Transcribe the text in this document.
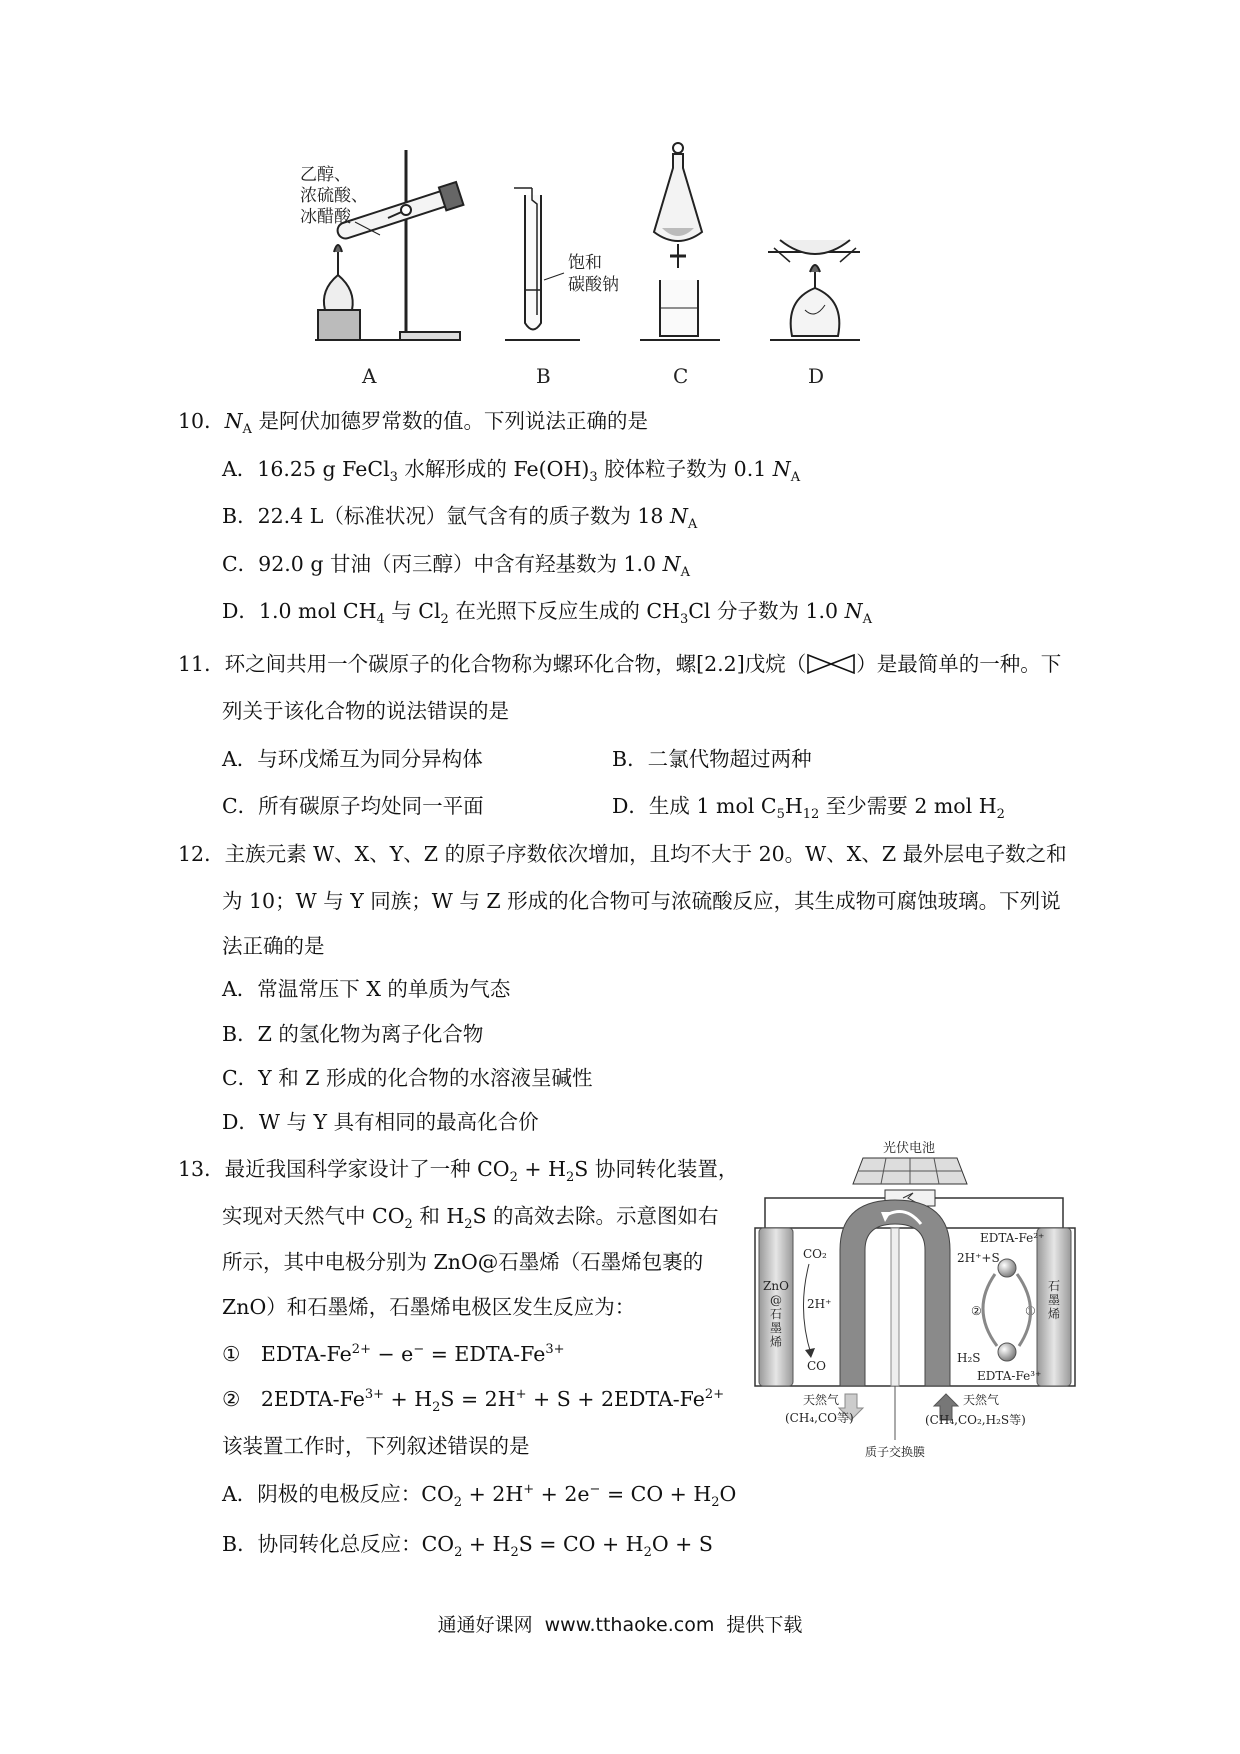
乙醇、
浓硫酸、
冰醋酸
饱和
碳酸钠
A	B	C	D
10．$N_A$ 是阿伏加德罗常数的值。下列说法正确的是
A．16.25 g FeCl$_3$ 水解形成的 $Fe(OH)_3$ 胶体粒子数为 0.1 $N_A$
B．22.4 L（标准状况）氩气含有的质子数为 18 $N_A$
C．92.0 g 甘油（丙三醇）中含有羟基数为 1.0 $N_A$
D．1.0 mol $CH_4$ 与 $Cl_2$ 在光照下反应生成的 $CH_3Cl$ 分子数为 1.0 $N_A$
11．环之间共用一个碳原子的化合物称为螺环化合物，螺[2.2]戊烷（ ）是最简单的一种。下
列关于该化合物的说法错误的是
A．与环戊烯互为同分异构体	B．二氯代物超过两种
C．所有碳原子均处同一平面	D．生成 1 mol $C_5H_{12}$ 至少需要 2 mol $H_2$
12．主族元素 W、X、Y、Z 的原子序数依次增加，且均不大于 20。W、X、Z 最外层电子数之和
为 10；W 与 Y 同族；W 与 Z 形成的化合物可与浓硫酸反应，其生成物可腐蚀玻璃。下列说
法正确的是
A．常温常压下 X 的单质为气态
B．Z 的氢化物为离子化合物
C．Y 和 Z 形成的化合物的水溶液呈碱性
D．W 与 Y 具有相同的最高化合价
13．最近我国科学家设计了一种 $CO_2 + H_2S$ 协同转化装置，
实现对天然气中 $CO_2$ 和 $H_2S$ 的高效去除。示意图如右
所示，其中电极分别为 ZnO@石墨烯（石墨烯包裹的
ZnO）和石墨烯，石墨烯电极区发生反应为：
①　EDTA-$Fe^{2+} - e^-$ = EDTA-$Fe^{3+}$
②　$2EDTA-Fe^{3+} + H_2S = 2H^+ + S$ + $2EDTA-Fe^{2+}$
该装置工作时，下列叙述错误的是
A．阴极的电极反应：$CO_2 + 2H^+ + 2e^-$ = CO + $H_2O$
B．协同转化总反应：$CO_2 + H_2S$ = CO + $H_2O + S$
光伏电池
ZnO
@
石
墨
烯
石
墨
烯
CO₂
2H⁺
CO
EDTA-Fe²⁺
2H⁺+S
H₂S
EDTA-Fe³⁺
②	①
天然气
(CH₄,CO等)
天然气
(CH₄,CO₂,H₂S等)
质子交换膜
通通好课网 www.tthaoke.com 提供下载
